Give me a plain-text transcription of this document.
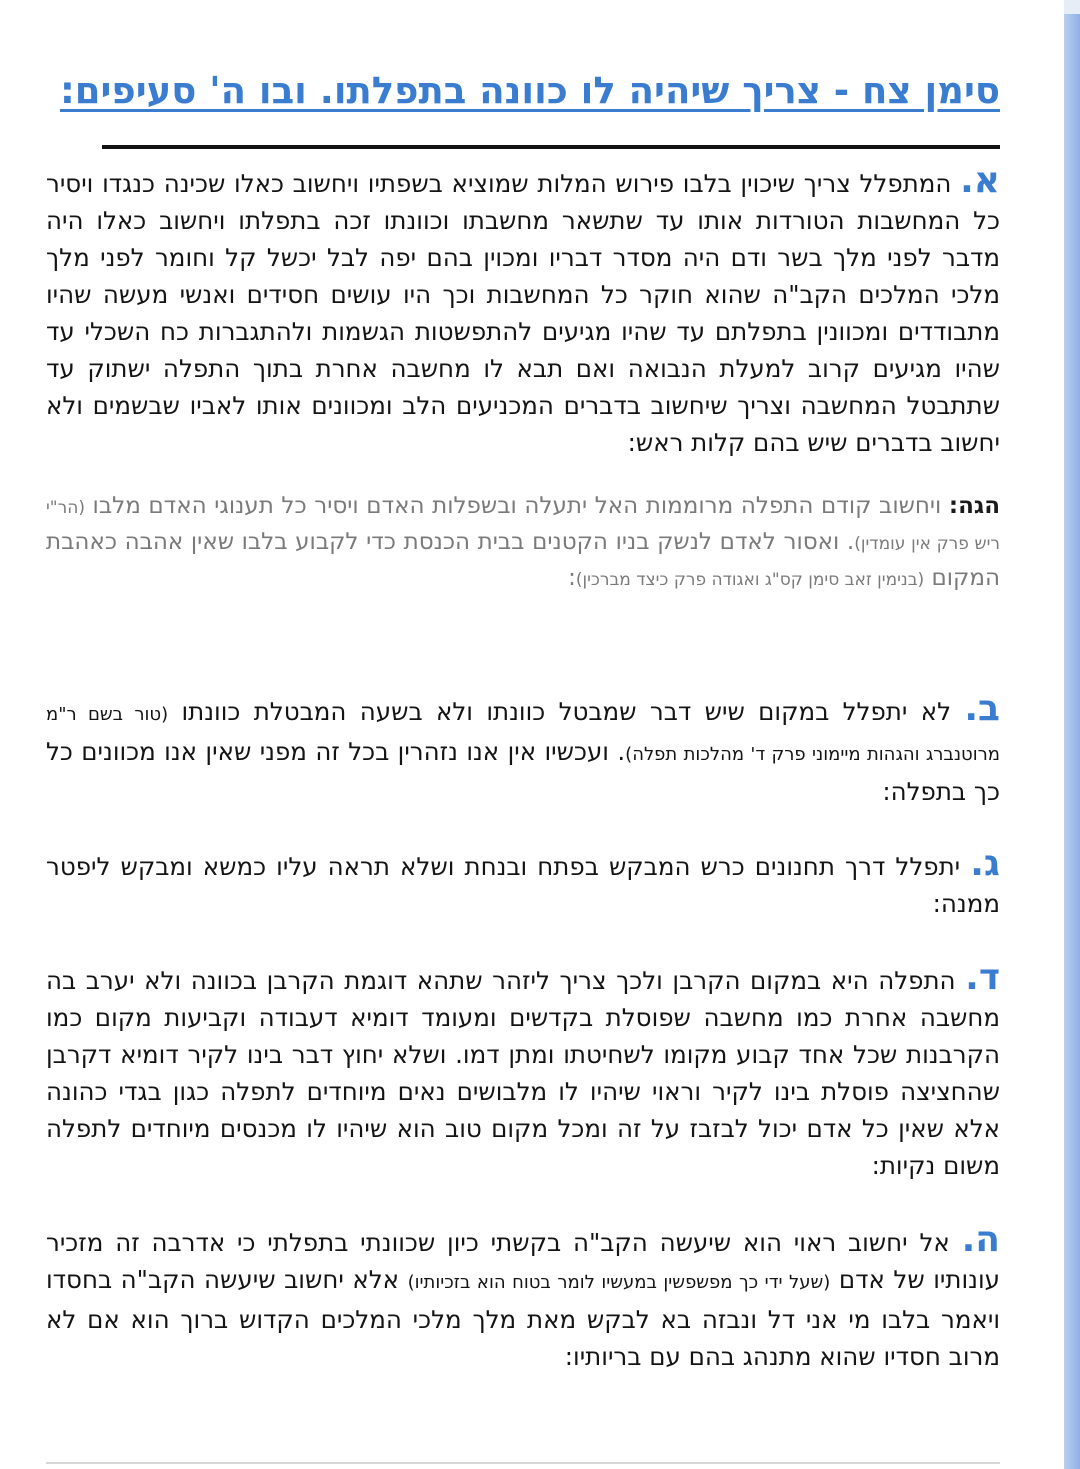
סימן צח - צריך שיהיה לו כוונה בתפלתו. ובו ה' סעיפים:

א. המתפלל צריך שיכוין בלבו פירוש המלות שמוציא בשפתיו ויחשוב כאלו שכינה כנגדו ויסיר כל המחשבות הטורדות אותו עד שתשאר מחשבתו וכוונתו זכה בתפלתו ויחשוב כאלו היה מדבר לפני מלך בשר ודם היה מסדר דבריו ומכוין בהם יפה לבל יכשל קל וחומר לפני מלך מלכי המלכים הקב"ה שהוא חוקר כל המחשבות וכך היו עושים חסידים ואנשי מעשה שהיו מתבודדים ומכוונין בתפלתם עד שהיו מגיעים להתפשטות הגשמות ולהתגברות כח השכלי עד שהיו מגיעים קרוב למעלת הנבואה ואם תבא לו מחשבה אחרת בתוך התפלה ישתוק עד שתתבטל המחשבה וצריך שיחשוב בדברים המכניעים הלב ומכוונים אותו לאביו שבשמים ולא יחשוב בדברים שיש בהם קלות ראש:

הגה: ויחשוב קודם התפלה מרוממות האל יתעלה ובשפלות האדם ויסיר כל תענוגי האדם מלבו (הר"י ריש פרק אין עומדין). ואסור לאדם לנשק בניו הקטנים בבית הכנסת כדי לקבוע בלבו שאין אהבה כאהבת המקום (בנימין זאב סימן קס"ג ואגודה פרק כיצד מברכין):

ב. לא יתפלל במקום שיש דבר שמבטל כוונתו ולא בשעה המבטלת כוונתו (טור בשם ר"מ מרוטנברג והגהות מיימוני פרק ד' מהלכות תפלה). ועכשיו אין אנו נזהרין בכל זה מפני שאין אנו מכוונים כל כך בתפלה:

ג. יתפלל דרך תחנונים כרש המבקש בפתח ובנחת ושלא תראה עליו כמשא ומבקש ליפטר ממנה:

ד. התפלה היא במקום הקרבן ולכך צריך ליזהר שתהא דוגמת הקרבן בכוונה ולא יערב בה מחשבה אחרת כמו מחשבה שפוסלת בקדשים ומעומד דומיא דעבודה וקביעות מקום כמו הקרבנות שכל אחד קבוע מקומו לשחיטתו ומתן דמו. ושלא יחוץ דבר בינו לקיר דומיא דקרבן שהחציצה פוסלת בינו לקיר וראוי שיהיו לו מלבושים נאים מיוחדים לתפלה כגון בגדי כהונה אלא שאין כל אדם יכול לבזבז על זה ומכל מקום טוב הוא שיהיו לו מכנסים מיוחדים לתפלה משום נקיות:

ה. אל יחשוב ראוי הוא שיעשה הקב"ה בקשתי כיון שכוונתי בתפלתי כי אדרבה זה מזכיר עונותיו של אדם (שעל ידי כך מפשפשין במעשיו לומר בטוח הוא בזכיותיו) אלא יחשוב שיעשה הקב"ה בחסדו ויאמר בלבו מי אני דל ונבזה בא לבקש מאת מלך מלכי המלכים הקדוש ברוך הוא אם לא מרוב חסדיו שהוא מתנהג בהם עם בריותיו:
